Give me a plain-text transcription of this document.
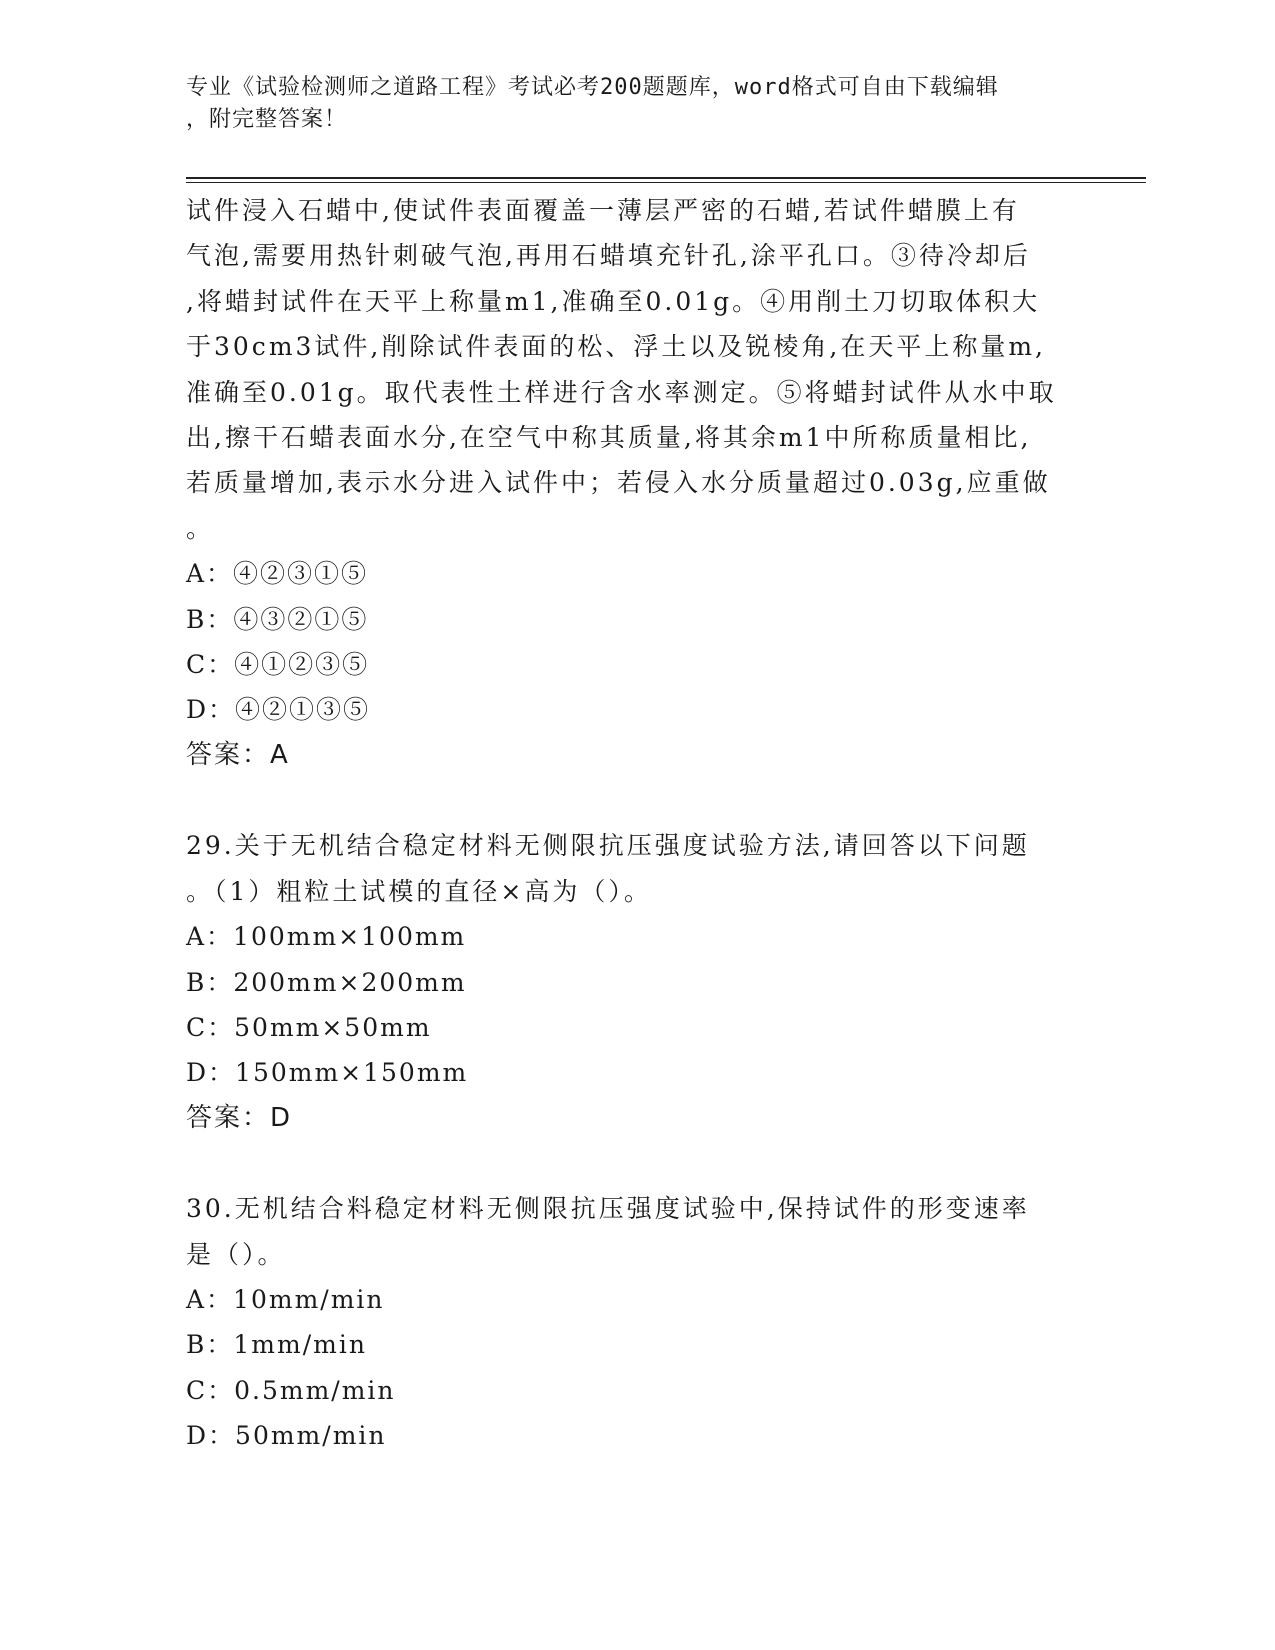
专业《试验检测师之道路工程》考试必考200题题库，word格式可自由下载编辑
，附完整答案！
试件浸入石蜡中,使试件表面覆盖一薄层严密的石蜡,若试件蜡膜上有
气泡,需要用热针刺破气泡,再用石蜡填充针孔,涂平孔口。③待冷却后
,将蜡封试件在天平上称量m1,准确至0.01g。④用削土刀切取体积大
于30cm3试件,削除试件表面的松、浮土以及锐棱角,在天平上称量m,
准确至0.01g。取代表性土样进行含水率测定。⑤将蜡封试件从水中取
出,擦干石蜡表面水分,在空气中称其质量,将其余m1中所称质量相比,
若质量增加,表示水分进入试件中；若侵入水分质量超过0.03g,应重做
。
A：④②③①⑤
B：④③②①⑤
C：④①②③⑤
D：④②①③⑤
答案：A
29.关于无机结合稳定材料无侧限抗压强度试验方法,请回答以下问题
。（1）粗粒土试模的直径×高为（）。
A：100mm×100mm
B：200mm×200mm
C：50mm×50mm
D：150mm×150mm
答案：D
30.无机结合料稳定材料无侧限抗压强度试验中,保持试件的形变速率
是（）。
A：10mm/min
B：1mm/min
C：0.5mm/min
D：50mm/min
